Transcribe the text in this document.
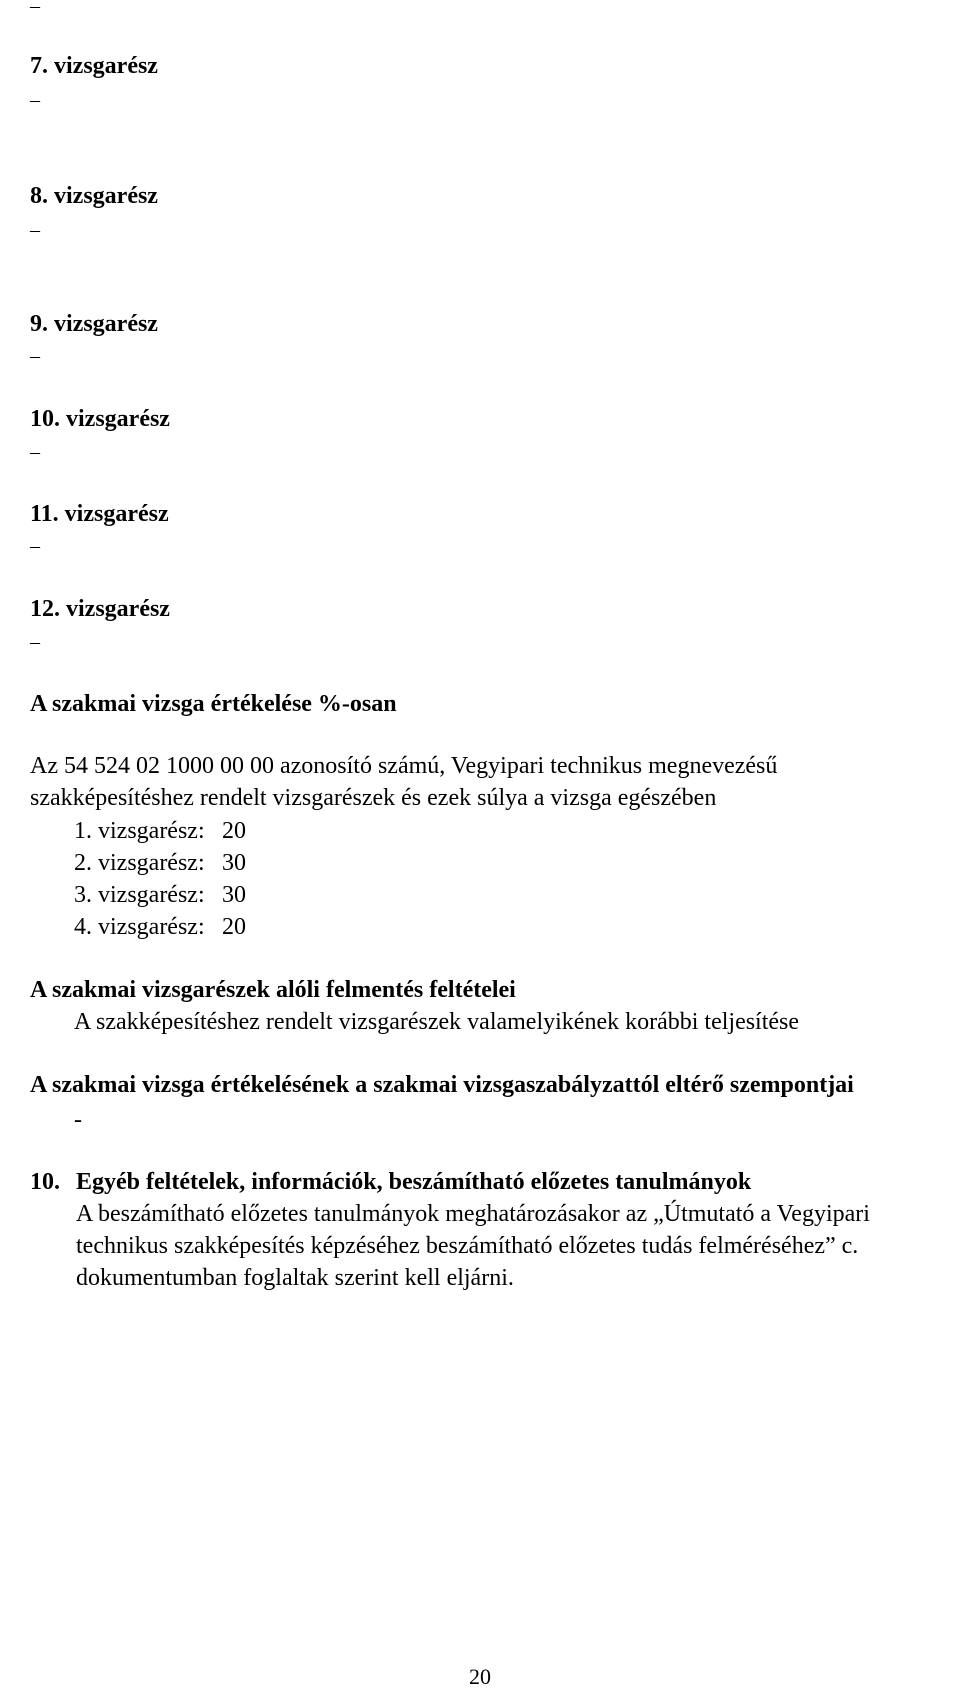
–
7. vizsgarész
–
8. vizsgarész
–
9. vizsgarész
–
10. vizsgarész
–
11. vizsgarész
–
12. vizsgarész
–
A szakmai vizsga értékelése %-osan
Az 54 524 02 1000 00 00 azonosító számú, Vegyipari technikus megnevezésű
szakképesítéshez rendelt vizsgarészek és ezek súlya a vizsga egészében
1. vizsgarész: 20
2. vizsgarész: 30
3. vizsgarész: 30
4. vizsgarész: 20
A szakmai vizsgarészek alóli felmentés feltételei
A szakképesítéshez rendelt vizsgarészek valamelyikének korábbi teljesítése
A szakmai vizsga értékelésének a szakmai vizsgaszabályzattól eltérő szempontjai
-
10. Egyéb feltételek, információk, beszámítható előzetes tanulmányok
A beszámítható előzetes tanulmányok meghatározásakor az „Útmutató a Vegyipari
technikus szakképesítés képzéséhez beszámítható előzetes tudás felméréséhez” c.
dokumentumban foglaltak szerint kell eljárni.
20
